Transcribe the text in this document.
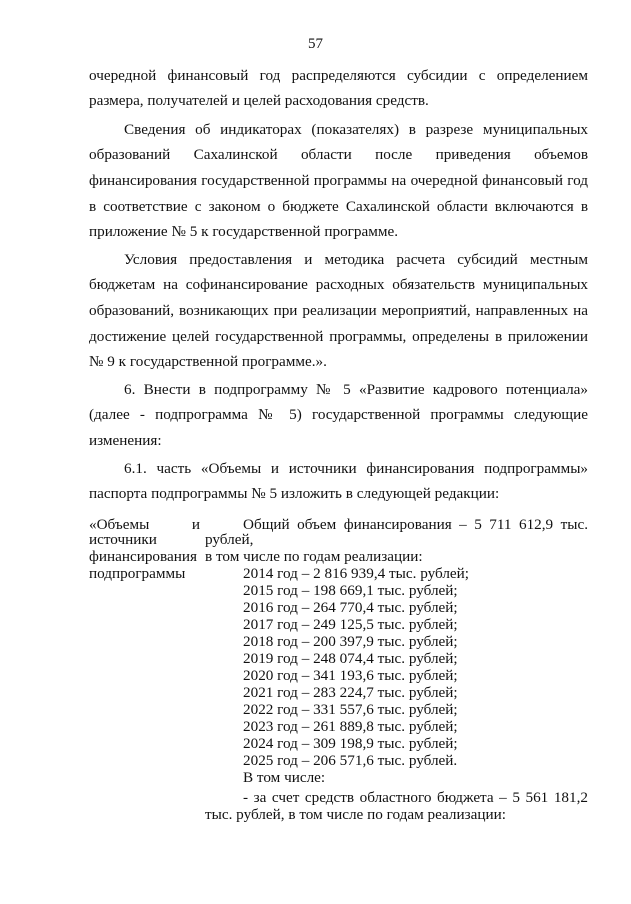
57
очередной финансовый год распределяются субсидии с определением
размера, получателей и целей расходования средств.
Сведения об индикаторах (показателях) в разрезе муниципальных
образований Сахалинской области после приведения объемов
финансирования государственной программы на очередной финансовый год
в соответствие с законом о бюджете Сахалинской области включаются в
приложение № 5 к государственной программе.
Условия предоставления и методика расчета субсидий местным
бюджетам на софинансирование расходных обязательств муниципальных
образований, возникающих при реализации мероприятий, направленных на
достижение целей государственной программы, определены в приложении
№ 9 к государственной программе.».
6. Внести в подпрограмму № 5 «Развитие кадрового потенциала»
(далее - подпрограмма № 5) государственной программы следующие
изменения:
6.1. часть «Объемы и источники финансирования подпрограммы»
паспорта подпрограммы № 5 изложить в следующей редакции:
«Объемы и
источники
финансирования
подпрограммы
Общий объем финансирования – 5 711 612,9 тыс.
рублей,
в том числе по годам реализации:
2014 год – 2 816 939,4 тыс. рублей;
2015 год – 198 669,1 тыс. рублей;
2016 год – 264 770,4 тыс. рублей;
2017 год – 249 125,5 тыс. рублей;
2018 год – 200 397,9 тыс. рублей;
2019 год – 248 074,4 тыс. рублей;
2020 год – 341 193,6 тыс. рублей;
2021 год – 283 224,7 тыс. рублей;
2022 год – 331 557,6 тыс. рублей;
2023 год – 261 889,8 тыс. рублей;
2024 год – 309 198,9 тыс. рублей;
2025 год – 206 571,6 тыс. рублей.
В том числе:
- за счет средств областного бюджета – 5 561 181,2
тыс. рублей, в том числе по годам реализации:
